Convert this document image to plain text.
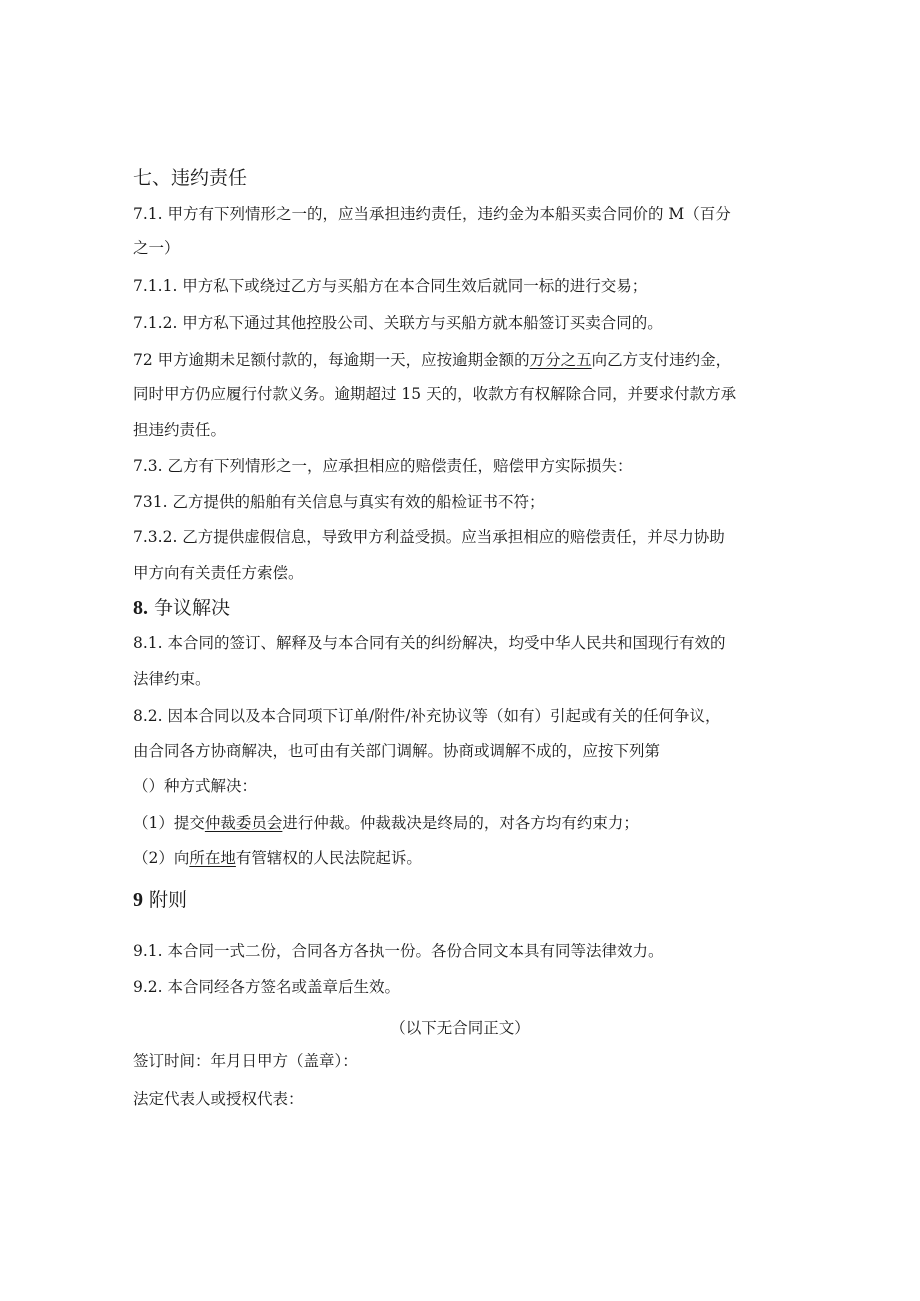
七、违约责任
7.1. 甲方有下列情形之一的，应当承担违约责任，违约金为本船买卖合同价的 M（百分
之一）
7.1.1. 甲方私下或绕过乙方与买船方在本合同生效后就同一标的进行交易；
7.1.2. 甲方私下通过其他控股公司、关联方与买船方就本船签订买卖合同的。
72 甲方逾期未足额付款的，每逾期一天，应按逾期金额的万分之五向乙方支付违约金，
同时甲方仍应履行付款义务。逾期超过 15 天的，收款方有权解除合同，并要求付款方承
担违约责任。
7.3. 乙方有下列情形之一，应承担相应的赔偿责任，赔偿甲方实际损失：
731. 乙方提供的船舶有关信息与真实有效的船检证书不符；
7.3.2. 乙方提供虚假信息，导致甲方利益受损。应当承担相应的赔偿责任，并尽力协助
甲方向有关责任方索偿。
8. 争议解决
8.1. 本合同的签订、解释及与本合同有关的纠纷解决，均受中华人民共和国现行有效的
法律约束。
8.2. 因本合同以及本合同项下订单/附件/补充协议等（如有）引起或有关的任何争议，
由合同各方协商解决，也可由有关部门调解。协商或调解不成的，应按下列第
（）种方式解决：
（1）提交仲裁委员会进行仲裁。仲裁裁决是终局的，对各方均有约束力；
（2）向所在地有管辖权的人民法院起诉。
9 附则
9.1. 本合同一式二份，合同各方各执一份。各份合同文本具有同等法律效力。
9.2. 本合同经各方签名或盖章后生效。
（以下无合同正文）
签订时间：年月日甲方（盖章）：
法定代表人或授权代表：
